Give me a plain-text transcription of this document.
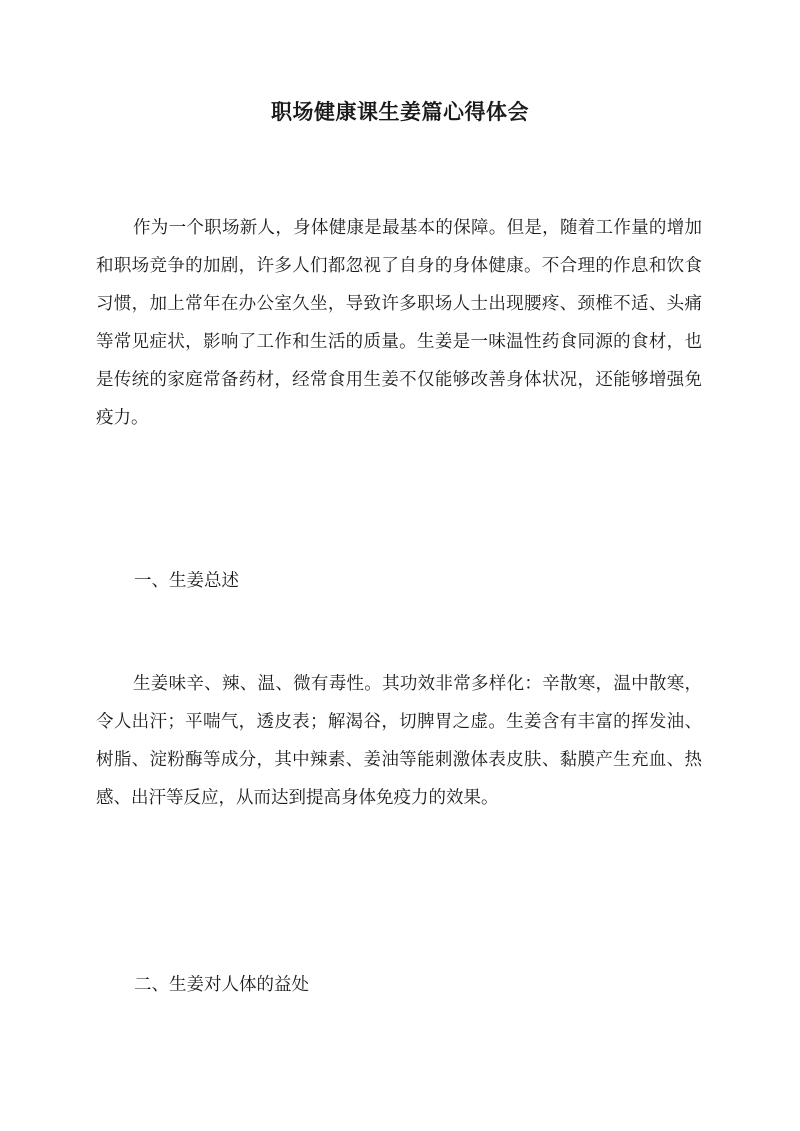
职场健康课生姜篇心得体会

作为一个职场新人，身体健康是最基本的保障。但是，随着工作量的增加和职场竞争的加剧，许多人们都忽视了自身的身体健康。不合理的作息和饮食习惯，加上常年在办公室久坐，导致许多职场人士出现腰疼、颈椎不适、头痛等常见症状，影响了工作和生活的质量。生姜是一味温性药食同源的食材，也是传统的家庭常备药材，经常食用生姜不仅能够改善身体状况，还能够增强免疫力。

一、生姜总述

生姜味辛、辣、温、微有毒性。其功效非常多样化：辛散寒，温中散寒，令人出汗；平喘气，透皮表；解渴谷，切脾胃之虚。生姜含有丰富的挥发油、树脂、淀粉酶等成分，其中辣素、姜油等能刺激体表皮肤、黏膜产生充血、热感、出汗等反应，从而达到提高身体免疫力的效果。

二、生姜对人体的益处
